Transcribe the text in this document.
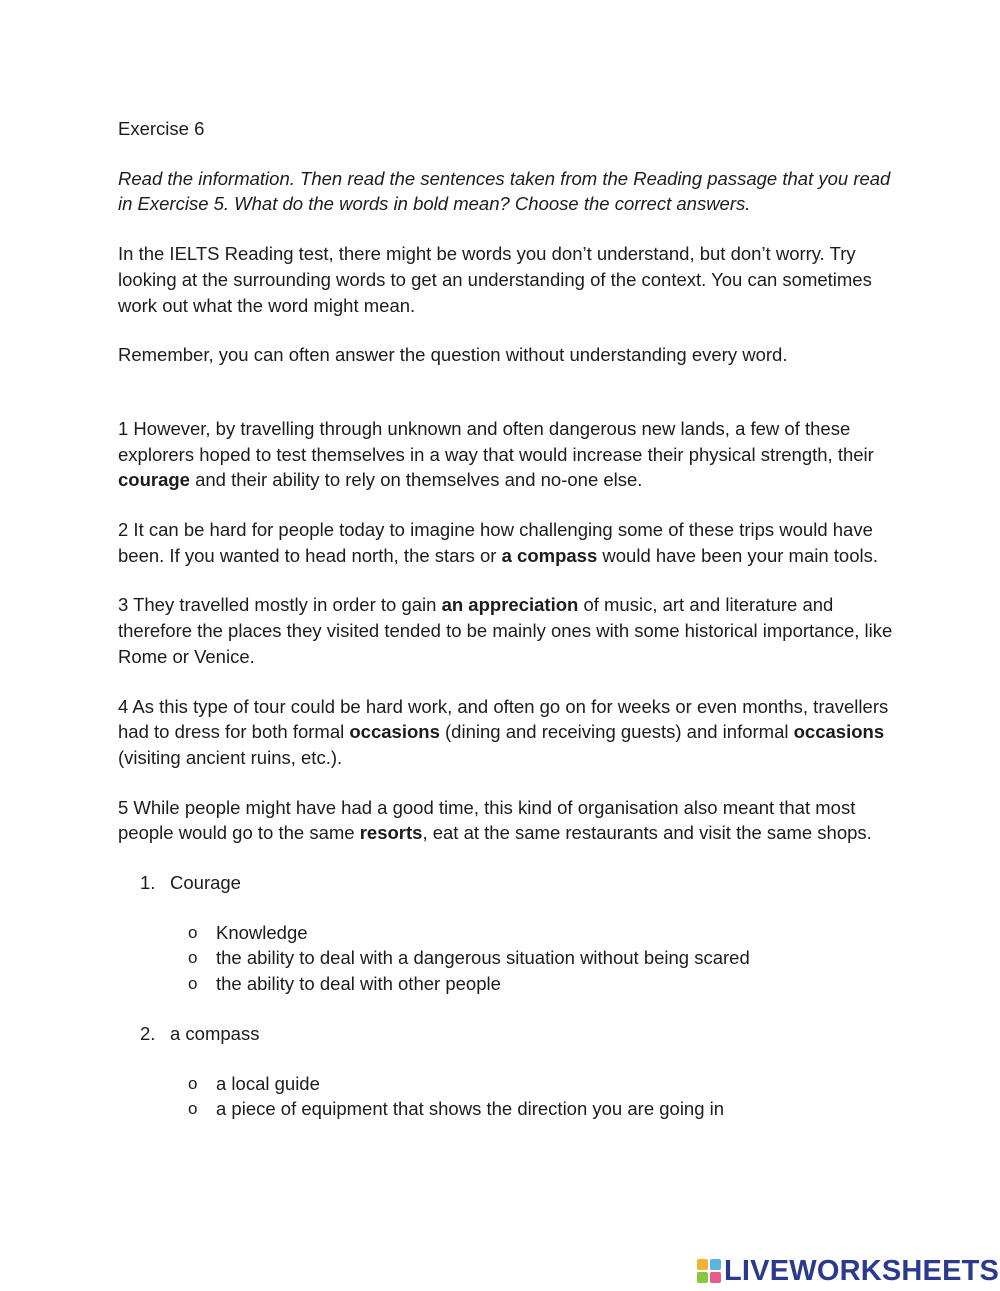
Exercise 6

Read the information. Then read the sentences taken from the Reading passage that you read in Exercise 5. What do the words in bold mean? Choose the correct answers.

In the IELTS Reading test, there might be words you don’t understand, but don’t worry. Try looking at the surrounding words to get an understanding of the context. You can sometimes work out what the word might mean.

Remember, you can often answer the question without understanding every word.

1 However, by travelling through unknown and often dangerous new lands, a few of these explorers hoped to test themselves in a way that would increase their physical strength, their courage and their ability to rely on themselves and no-one else.

2 It can be hard for people today to imagine how challenging some of these trips would have been. If you wanted to head north, the stars or a compass would have been your main tools.

3 They travelled mostly in order to gain an appreciation of music, art and literature and therefore the places they visited tended to be mainly ones with some historical importance, like Rome or Venice.

4 As this type of tour could be hard work, and often go on for weeks or even months, travellers had to dress for both formal occasions (dining and receiving guests) and informal occasions (visiting ancient ruins, etc.).

5 While people might have had a good time, this kind of organisation also meant that most people would go to the same resorts, eat at the same restaurants and visit the same shops.

1. Courage
o Knowledge
o the ability to deal with a dangerous situation without being scared
o the ability to deal with other people
2. a compass
o a local guide
o a piece of equipment that shows the direction you are going in
LIVEWORKSHEETS
